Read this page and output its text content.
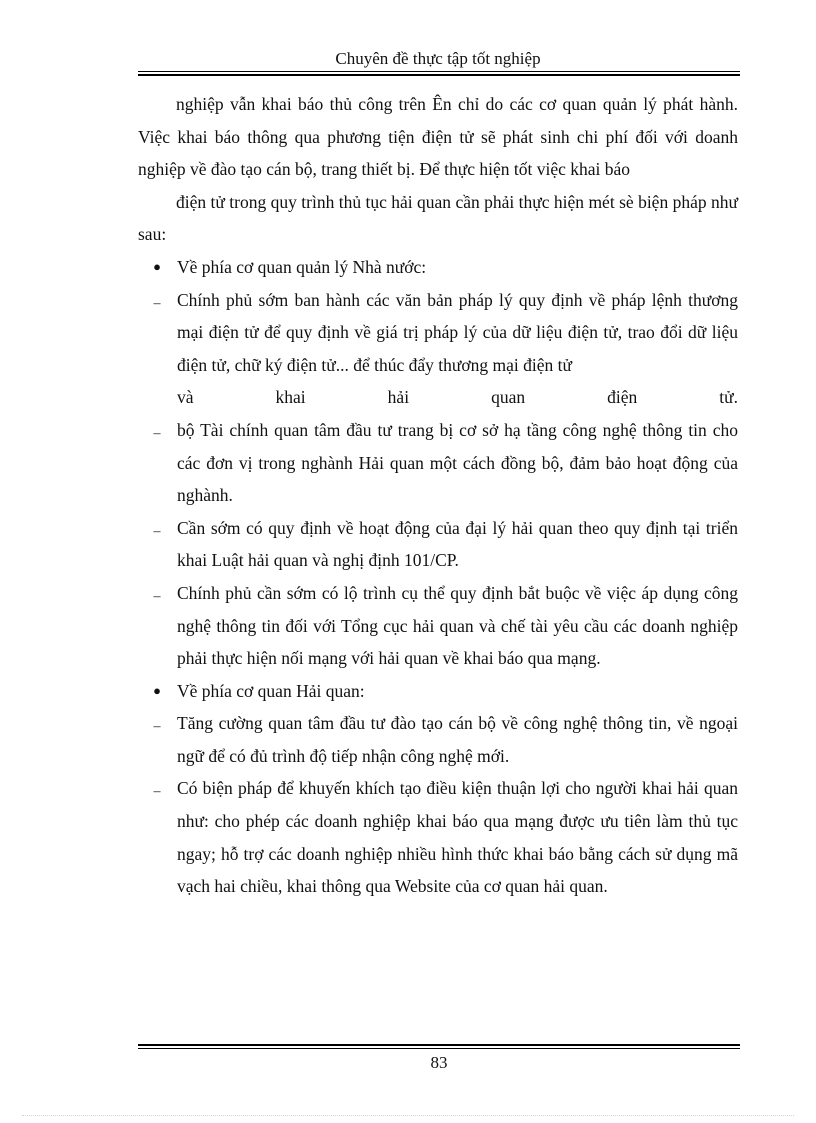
Chuyên đề thực tập tốt nghiệp

nghiệp vẫn khai báo thủ công trên Ên chỉ do các cơ quan quản lý phát hành. Việc khai báo thông qua phương tiện điện tử sẽ phát sinh chi phí đối với doanh nghiệp về đào tạo cán bộ, trang thiết bị. Để thực hiện tốt việc khai báo

điện tử trong quy trình thủ tục hải quan cần phải thực hiện mét sè biện pháp như sau:

● Về phía cơ quan quản lý Nhà nước:
– Chính phủ sớm ban hành các văn bản pháp lý quy định về pháp lệnh thương mại điện tử để quy định về giá trị pháp lý của dữ liệu điện tử, trao đổi dữ liệu điện tử, chữ ký điện tử... để thúc đẩy thương mại điện tử
và	khai	hải	quan	điện	tử.
– bộ Tài chính quan tâm đầu tư trang bị cơ sở hạ tầng công nghệ thông tin cho các đơn vị trong nghành Hải quan một cách đồng bộ, đảm bảo hoạt động của nghành.
– Cần sớm có quy định về hoạt động của đại lý hải quan theo quy định tại triển khai Luật hải quan và nghị định 101/CP.
– Chính phủ cần sớm có lộ trình cụ thể quy định bắt buộc về việc áp dụng công nghệ thông tin đối với Tổng cục hải quan và chế tài yêu cầu các doanh nghiệp phải thực hiện nối mạng với hải quan về khai báo qua mạng.
● Về phía cơ quan Hải quan:
– Tăng cường quan tâm đầu tư đào tạo cán bộ về công nghệ thông tin, về ngoại ngữ để có đủ trình độ tiếp nhận công nghệ mới.
– Có biện pháp để khuyến khích tạo điều kiện thuận lợi cho người khai hải quan như: cho phép các doanh nghiệp khai báo qua mạng được ưu tiên làm thủ tục ngay; hỗ trợ các doanh nghiệp nhiều hình thức khai báo bằng cách sử dụng mã vạch hai chiều, khai thông qua Website của cơ quan hải quan.
83
